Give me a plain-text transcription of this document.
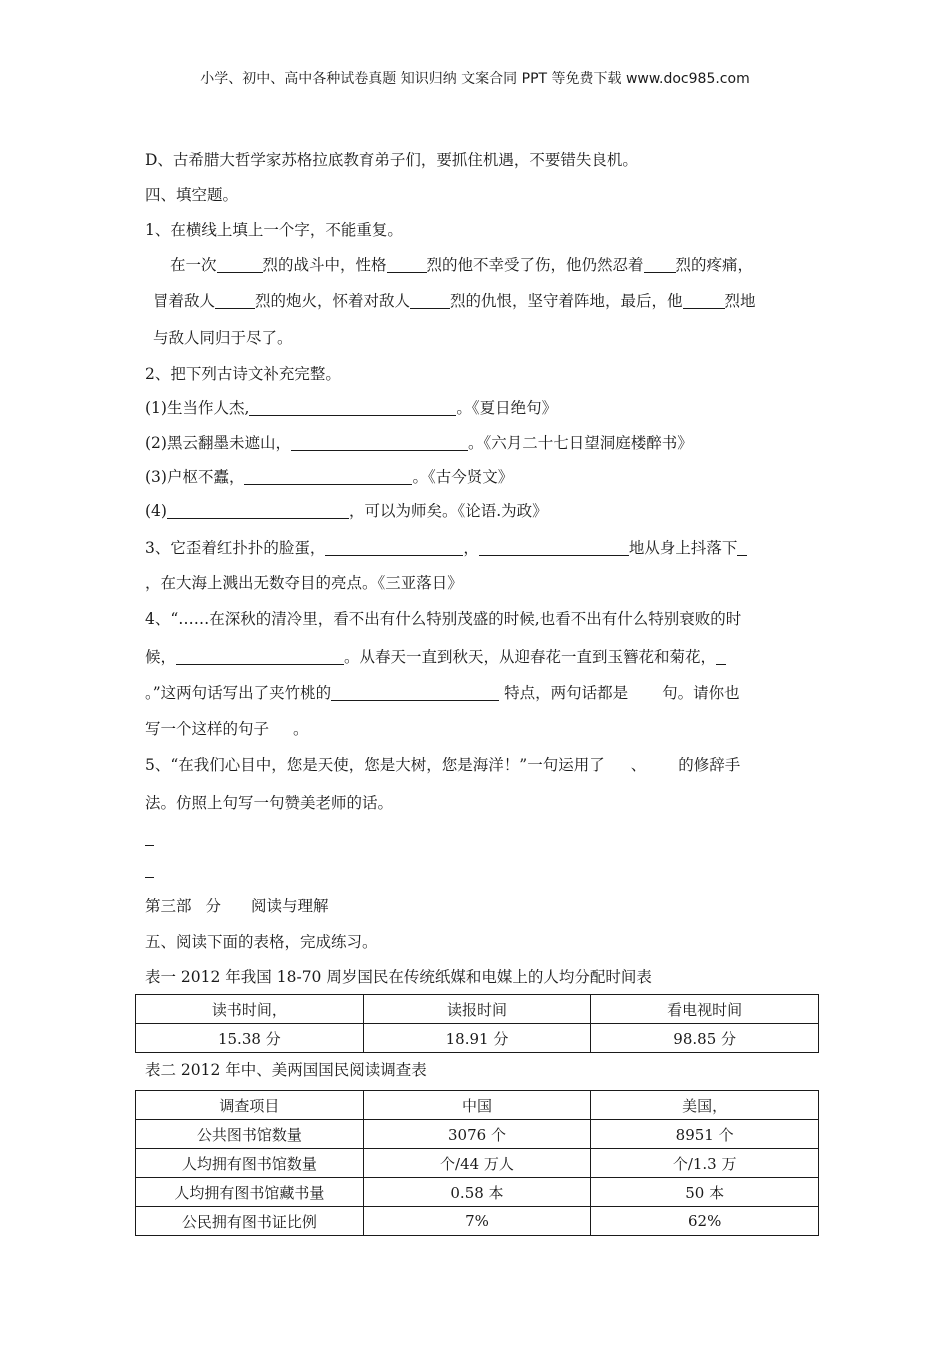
小学、初中、高中各种试卷真题 知识归纳 文案合同 PPT 等免费下载 www.doc985.com
D、古希腊大哲学家苏格拉底教育弟子们，要抓住机遇，不要错失良机。
四、填空题。
1、在横线上填上一个字，不能重复。
在一次	烈的战斗中，性格	烈的他不幸受了伤，他仍然忍着 烈的疼痛，
冒着敌人	烈的炮火，怀着对敌人	烈的仇恨，坚守着阵地，最后，他	烈地
与敌人同归于尽了。
2、把下列古诗文补充完整。
(1)生当作人杰,	。《夏日绝句》
(2)黑云翻墨未遮山，	。《六月二十七日望洞庭楼醉书》
(3)户枢不蠹，	。《古今贤文》
(4)	，可以为师矣。《论语.为政》
3、它歪着红扑扑的脸蛋，	，	地从身上抖落下
，在大海上溅出无数夺目的亮点。《三亚落日》
4、“……在深秋的清冷里，看不出有什么特别茂盛的时候,也看不出有什么特别衰败的时
候，	。从春天一直到秋天，从迎春花一直到玉簪花和菊花，
。”这两句话写出了夹竹桃的	特点，两句话都是 句。请你也
写一个这样的句子 。
5、“在我们心目中，您是天使，您是大树，您是海洋！”一句运用了 、 的修辞手
法。仿照上句写一句赞美老师的话。
第三部 分 阅读与理解
五、阅读下面的表格，完成练习。
表一 2012 年我国 18-70 周岁国民在传统纸媒和电媒上的人均分配时间表
读书时间，	读报时间	看电视时间
15.38 分	18.91 分	98.85 分
表二 2012 年中、美两国国民阅读调查表
调查项目	中国	美国，
公共图书馆数量	3076 个	8951 个
人均拥有图书馆数量	个/44 万人	个/1.3 万
人均拥有图书馆藏书量	0.58 本	50 本
公民拥有图书证比例	7%	62%
